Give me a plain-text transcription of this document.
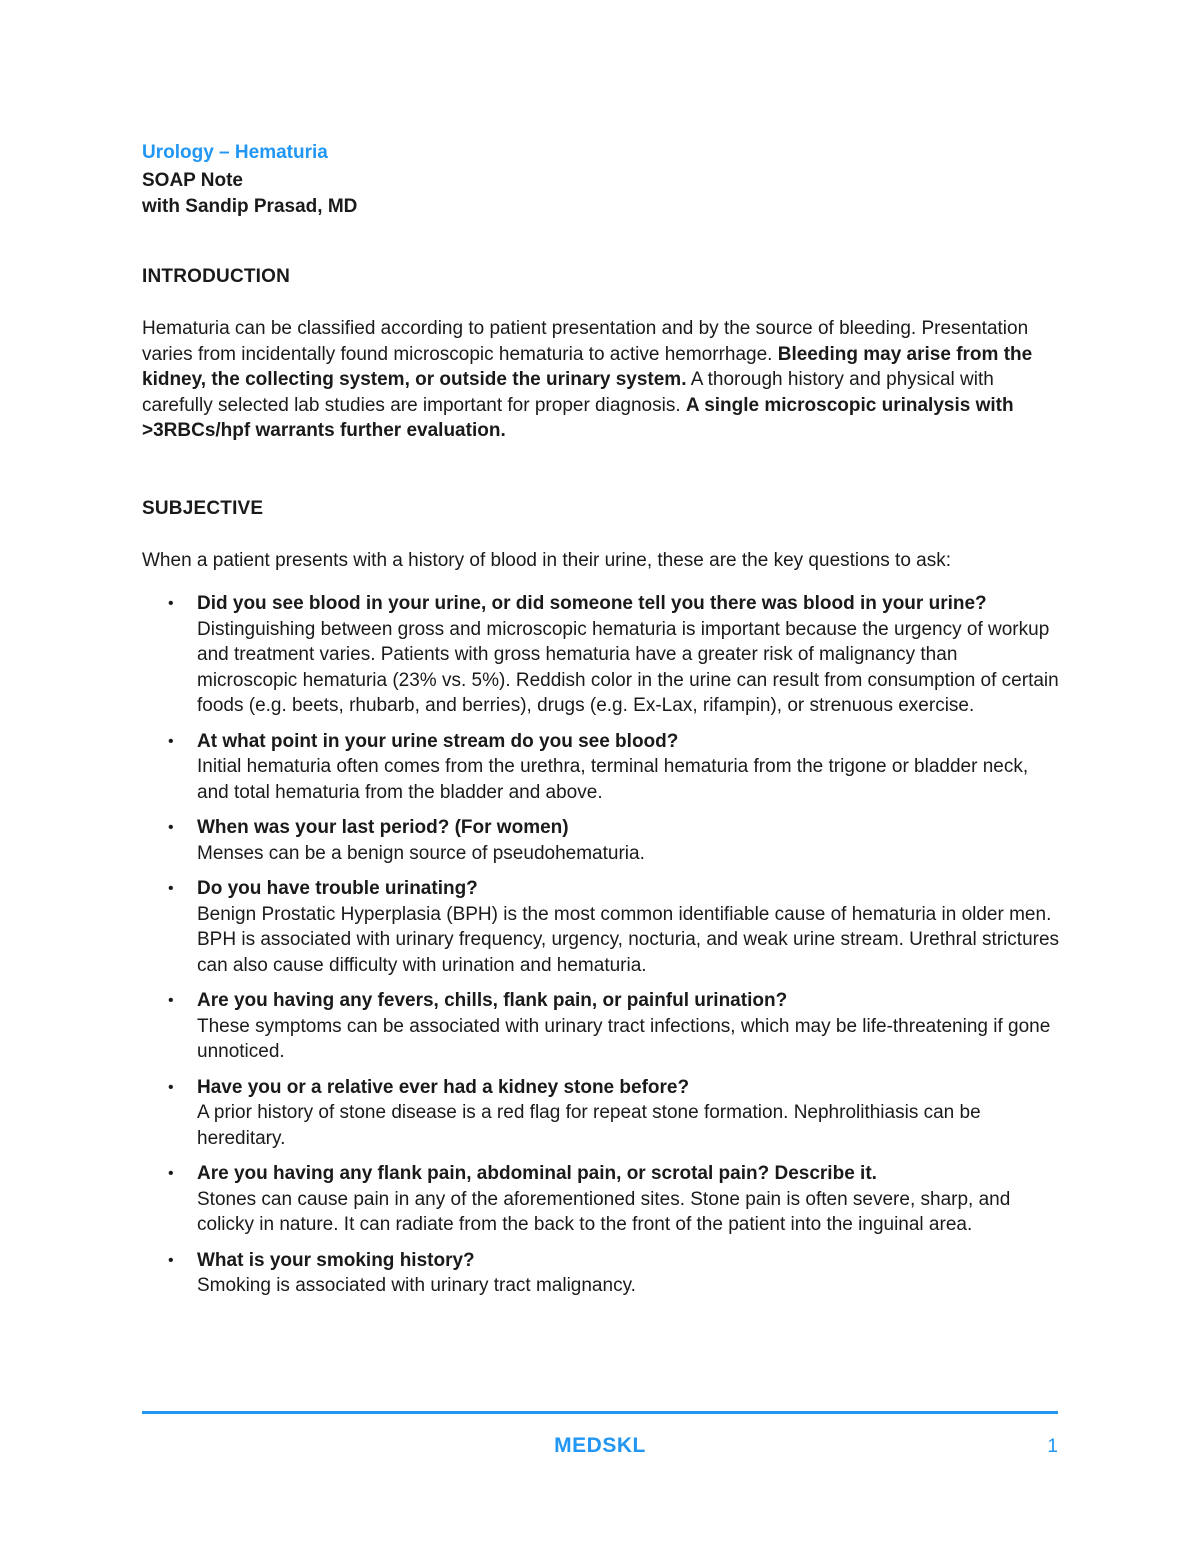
Urology – Hematuria

SOAP Note

with Sandip Prasad, MD

INTRODUCTION

Hematuria can be classified according to patient presentation and by the source of bleeding. Presentation varies from incidentally found microscopic hematuria to active hemorrhage. Bleeding may arise from the kidney, the collecting system, or outside the urinary system. A thorough history and physical with carefully selected lab studies are important for proper diagnosis. A single microscopic urinalysis with >3RBCs/hpf warrants further evaluation.

SUBJECTIVE

When a patient presents with a history of blood in their urine, these are the key questions to ask:

• Did you see blood in your urine, or did someone tell you there was blood in your urine?
Distinguishing between gross and microscopic hematuria is important because the urgency of workup and treatment varies. Patients with gross hematuria have a greater risk of malignancy than microscopic hematuria (23% vs. 5%). Reddish color in the urine can result from consumption of certain foods (e.g. beets, rhubarb, and berries), drugs (e.g. Ex-Lax, rifampin), or strenuous exercise.
• At what point in your urine stream do you see blood?
Initial hematuria often comes from the urethra, terminal hematuria from the trigone or bladder neck, and total hematuria from the bladder and above.
• When was your last period? (For women)
Menses can be a benign source of pseudohematuria.
• Do you have trouble urinating?
Benign Prostatic Hyperplasia (BPH) is the most common identifiable cause of hematuria in older men. BPH is associated with urinary frequency, urgency, nocturia, and weak urine stream. Urethral strictures can also cause difficulty with urination and hematuria.
• Are you having any fevers, chills, flank pain, or painful urination?
These symptoms can be associated with urinary tract infections, which may be life-threatening if gone unnoticed.
• Have you or a relative ever had a kidney stone before?
A prior history of stone disease is a red flag for repeat stone formation. Nephrolithiasis can be hereditary.
• Are you having any flank pain, abdominal pain, or scrotal pain? Describe it.
Stones can cause pain in any of the aforementioned sites. Stone pain is often severe, sharp, and colicky in nature. It can radiate from the back to the front of the patient into the inguinal area.
• What is your smoking history?
Smoking is associated with urinary tract malignancy.
MEDSKL	1
